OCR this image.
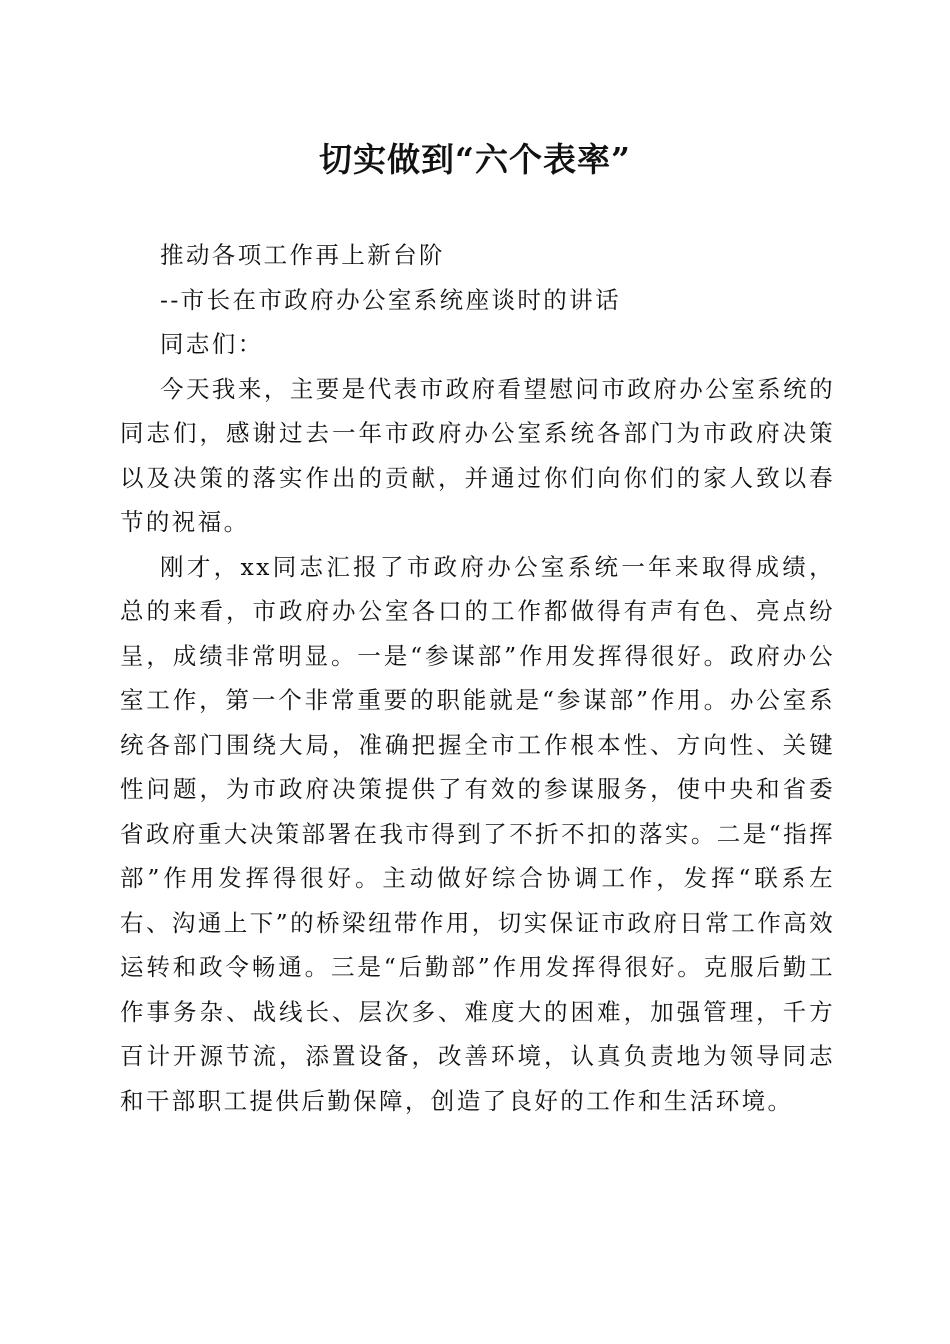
切实做到“六个表率”

推动各项工作再上新台阶

--市长在市政府办公室系统座谈时的讲话

同志们：

今天我来，主要是代表市政府看望慰问市政府办公室系统的同志们，感谢过去一年市政府办公室系统各部门为市政府决策以及决策的落实作出的贡献，并通过你们向你们的家人致以春节的祝福。

刚才，xx同志汇报了市政府办公室系统一年来取得成绩，总的来看，市政府办公室各口的工作都做得有声有色、亮点纷呈，成绩非常明显。一是“参谋部”作用发挥得很好。政府办公室工作，第一个非常重要的职能就是“参谋部”作用。办公室系统各部门围绕大局，准确把握全市工作根本性、方向性、关键性问题，为市政府决策提供了有效的参谋服务，使中央和省委省政府重大决策部署在我市得到了不折不扣的落实。二是“指挥部”作用发挥得很好。主动做好综合协调工作，发挥“联系左右、沟通上下”的桥梁纽带作用，切实保证市政府日常工作高效运转和政令畅通。三是“后勤部”作用发挥得很好。克服后勤工作事务杂、战线长、层次多、难度大的困难，加强管理，千方百计开源节流，添置设备，改善环境，认真负责地为领导同志和干部职工提供后勤保障，创造了良好的工作和生活环境。
